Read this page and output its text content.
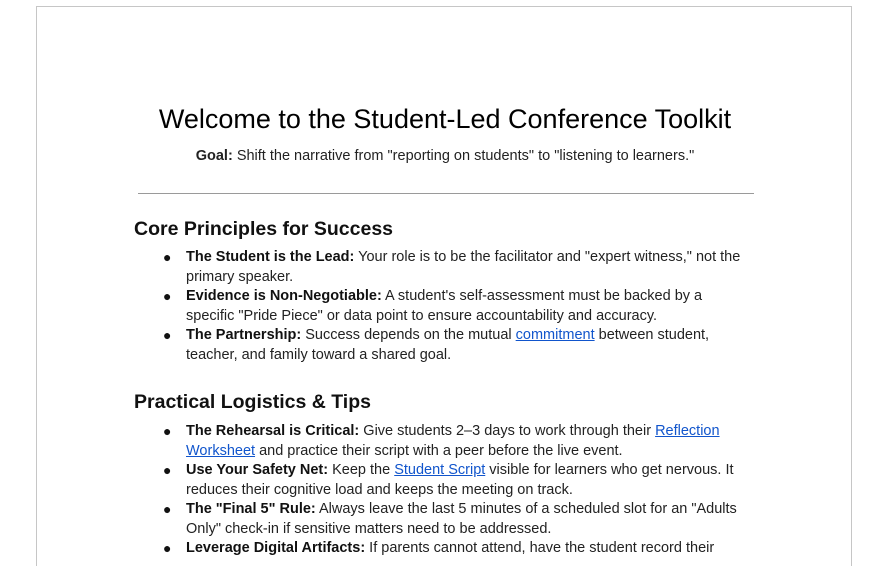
Welcome to the Student-Led Conference Toolkit
Goal: Shift the narrative from "reporting on students" to "listening to learners."
Core Principles for Success
● The Student is the Lead: Your role is to be the facilitator and "expert witness," not the primary speaker.
● Evidence is Non-Negotiable: A student's self-assessment must be backed by a specific "Pride Piece" or data point to ensure accountability and accuracy.
● The Partnership: Success depends on the mutual commitment between student, teacher, and family toward a shared goal.
Practical Logistics & Tips
● The Rehearsal is Critical: Give students 2–3 days to work through their Reflection Worksheet and practice their script with a peer before the live event.
● Use Your Safety Net: Keep the Student Script visible for learners who get nervous. It reduces their cognitive load and keeps the meeting on track.
● The "Final 5" Rule: Always leave the last 5 minutes of a scheduled slot for an "Adults Only" check-in if sensitive matters need to be addressed.
● Leverage Digital Artifacts: If parents cannot attend, have the student record their
